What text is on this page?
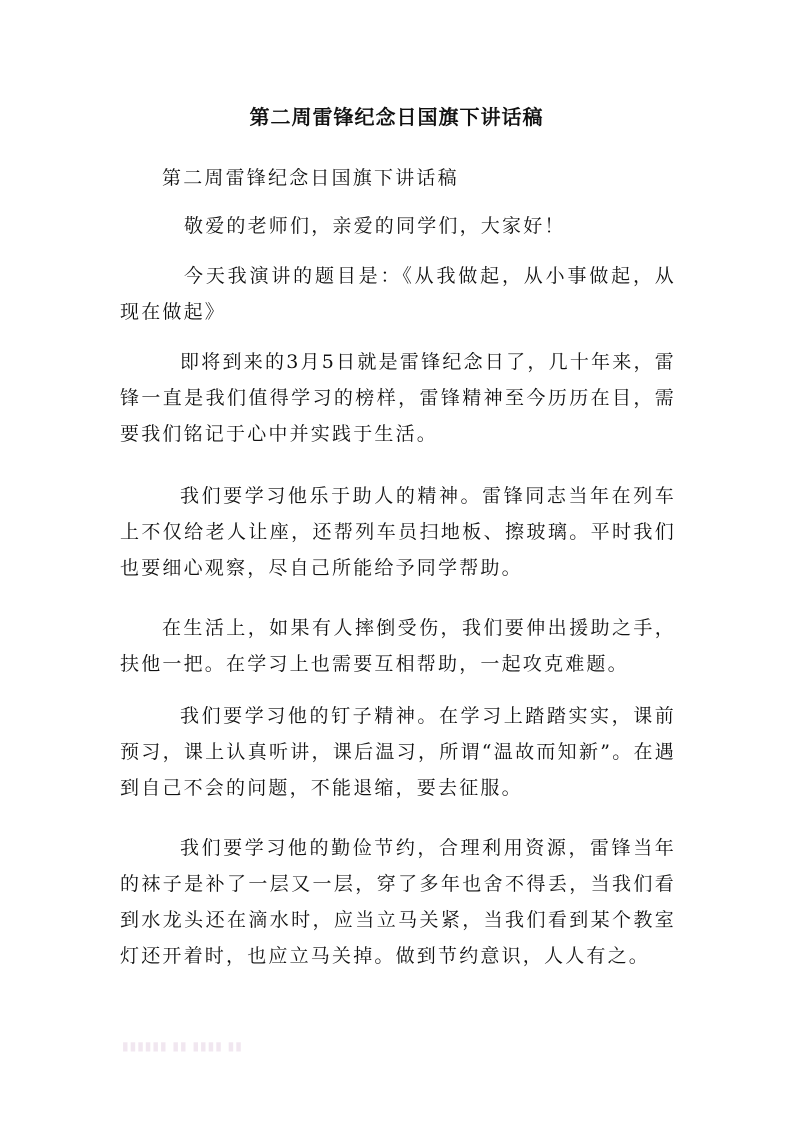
第二周雷锋纪念日国旗下讲话稿

第二周雷锋纪念日国旗下讲话稿

敬爱的老师们，亲爱的同学们，大家好！

今天我演讲的题目是：《从我做起，从小事做起，从现在做起》

即将到来的3月5日就是雷锋纪念日了，几十年来，雷锋一直是我们值得学习的榜样，雷锋精神至今历历在目，需要我们铭记于心中并实践于生活。

我们要学习他乐于助人的精神。雷锋同志当年在列车上不仅给老人让座，还帮列车员扫地板、擦玻璃。平时我们也要细心观察，尽自己所能给予同学帮助。

在生活上，如果有人摔倒受伤，我们要伸出援助之手，扶他一把。在学习上也需要互相帮助，一起攻克难题。

我们要学习他的钉子精神。在学习上踏踏实实，课前预习，课上认真听讲，课后温习，所谓“温故而知新”。在遇到自己不会的问题，不能退缩，要去征服。

我们要学习他的勤俭节约，合理利用资源，雷锋当年的袜子是补了一层又一层，穿了多年也舍不得丢，当我们看到水龙头还在滴水时，应当立马关紧，当我们看到某个教室灯还开着时，也应立马关掉。做到节约意识，人人有之。

▮▮▮▮▮▮ ▮▮ ▮▮▮▮ ▮▮
